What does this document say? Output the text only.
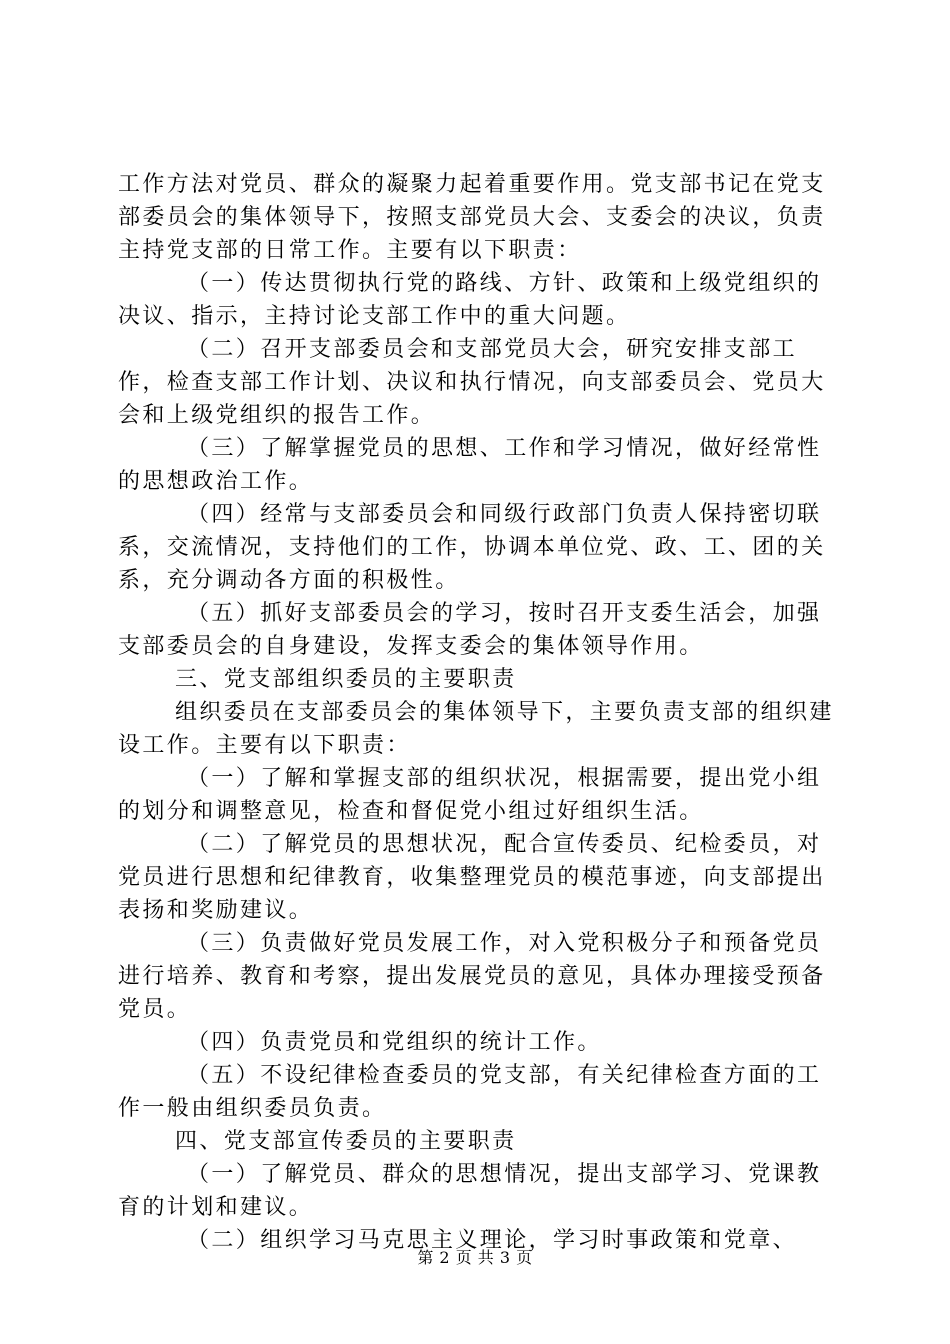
工作方法对党员、群众的凝聚力起着重要作用。党支部书记在党支部委员会的集体领导下，按照支部党员大会、支委会的决议，负责主持党支部的日常工作。主要有以下职责：

（一）传达贯彻执行党的路线、方针、政策和上级党组织的决议、指示，主持讨论支部工作中的重大问题。

（二）召开支部委员会和支部党员大会，研究安排支部工作，检查支部工作计划、决议和执行情况，向支部委员会、党员大会和上级党组织的报告工作。

（三）了解掌握党员的思想、工作和学习情况，做好经常性的思想政治工作。

（四）经常与支部委员会和同级行政部门负责人保持密切联系，交流情况，支持他们的工作，协调本单位党、政、工、团的关系，充分调动各方面的积极性。

（五）抓好支部委员会的学习，按时召开支委生活会，加强支部委员会的自身建设，发挥支委会的集体领导作用。

三、党支部组织委员的主要职责

组织委员在支部委员会的集体领导下，主要负责支部的组织建设工作。主要有以下职责：

（一）了解和掌握支部的组织状况，根据需要，提出党小组的划分和调整意见，检查和督促党小组过好组织生活。

（二）了解党员的思想状况，配合宣传委员、纪检委员，对党员进行思想和纪律教育，收集整理党员的模范事迹，向支部提出表扬和奖励建议。

（三）负责做好党员发展工作，对入党积极分子和预备党员进行培养、教育和考察，提出发展党员的意见，具体办理接受预备党员。

（四）负责党员和党组织的统计工作。

（五）不设纪律检查委员的党支部，有关纪律检查方面的工作一般由组织委员负责。

四、党支部宣传委员的主要职责

（一）了解党员、群众的思想情况，提出支部学习、党课教育的计划和建议。

（二）组织学习马克思主义理论，学习时事政策和党章、

第 2 页 共 3 页
